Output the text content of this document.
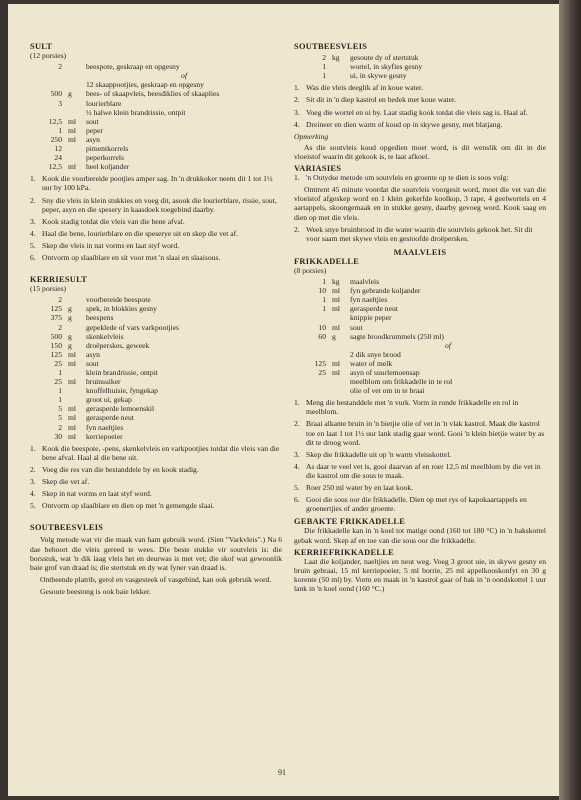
SULT
(12 porsies)
2	beespote, geskraap en opgesny
of
12 skaappootjies, geskraap en opgesny
500 g	bees- of skaapvleis, beesdiklies of skaaplies
3	lourierblare
½ halwe klein brandrissie, ontpit
12,5 ml	sout
1 ml	peper
250 ml	asyn
12	pimentkorrels
24	peperkorrels
12,5 ml	heel koljander
1. Kook die voorbereide pootjies amper sag. In 'n drukkoker neem dit 1 tot 1½ uur by 100 kPa.
2. Sny die vleis in klein stukkies en voeg dit, asook die lourierblare, rissie, sout, peper, asyn en die spesery in kaasdoek toegebind daarby.
3. Kook stadig totdat die vleis van die bene afval.
4. Haal die bene, lourierblare en die speserye uit en skep die vet af.
5. Skep die vleis in nat vorms en laat styf word.
6. Ontvorm op slaaiblare en sit voor met 'n slaai en slaaisous.
KERRIESULT
(15 porsies)
2	voorbereide beespote
125 g	spek, in blokkies gesny
375 g	beespens
2	gepeklede of vars varkpootjies
500 g	skenkelvleis
150 g	droëperskes, geweek
125 ml	asyn
25 ml	sout
1	klein brandrissie, ontpit
25 ml	bruinsuiker
1	knoffelhuisie, fyngekap
1	groot ui, gekap
5 ml	gerasperde lemoenskil
5 ml	gerasperde neut
2 ml	fyn naeltjies
30 ml	kerriepoeier
1. Kook die beespote, -pens, skenkelvleis en varkpootjies totdat die vleis van die bene afval. Haal al die bene uit.
2. Voeg die res van die bestanddele by en kook stadig.
3. Skep die vet af.
4. Skep in nat vorms en laat styf word.
5. Ontvorm op slaaiblare en dien op met 'n gemengde slaai.
SOUTBEESVLEIS
Volg metode wat vir die maak van ham gebruik word. (Sien "Varkvleis".) Na 6 dae behoort die vleis gereed te wees. Die beste stukke vir soutvleis is: die borsstuk, wat 'n dik laag vleis het en deurwas is met vet; die skof wat gewoonlik baie grof van draad is; die stertstuk en dy wat fyner van draad is.
Ontbeende platrib, gerol en vasgesteek of vasgebind, kan ook gebruik word.
Gesoute beestong is ook baie lekker.
SOUTBEESVLEIS
2 kg	gesoute dy of stertstuk
1	wortel, in skyfies gesny
1	ui, in skywe gesny
1. Was die vleis deeglik af in koue water.
2. Sit dit in 'n diep kastrol en bedek met koue water.
3. Voeg die wortel en ui by. Laat stadig kook totdat die vleis sag is. Haal af.
4. Dreineer en dien warm of koud op in skywe gesny, met blatjang.
Opmerking
As die soutvleis koud opgedien moet word, is dit wenslik om dit in die vloeistof waarin dit gekook is, te laat afkoel.
VARIASIES
1. 'n Outydse metode om soutvleis en groente op te dien is soos volg:
Omtrent 45 minute voordat die soutvleis voorgesit word, moet die vet van die vloeistof afgeskep word en 1 klein gekerfde koolkop, 3 rape, 4 geelwortels en 4 aartappels, skoongemaak en in stukke gesny, daarby gevoeg word. Kook saag en dien op met die vleis.
2. Week snye bruinbrood in die water waarin die soutvleis gekook het. Sit dit voor saam met skywe vleis en gestoofde droëperskes.
MAALVLEIS
FRIKKADELLE
(8 porsies)
1 kg	maalvleis
10 ml	fyn gebrande koljander
1 ml	fyn naeltjies
1 ml	gerasperde neut
knippie peper
10 ml	sout
60 g	sagte broodkrummels (250 ml)
of
2 dik snye brood
125 ml	water of melk
25 ml	asyn of suurlemoensap
meelblom om frikkadelle in te rol
olie of vet om in te braai
1. Meng die bestanddele met 'n vurk. Vorm in ronde frikkadelle en rol in meelblom.
2. Braai alkante bruin in 'n bietjie olie of vet in 'n vlak kastrol. Maak die kastrol toe en laat 1 tot 1½ uur lank stadig gaar word. Gooi 'n klein bietjie water by as dit te droog word.
3. Skep die frikkadelle uit op 'n warm vleisskottel.
4. As daar te veel vet is, gooi daarvan af en roer 12,5 ml meelblom by die vet in die kastrol om die sous te maak.
5. Roer 250 ml water by en laat kook.
6. Gooi die sous oor die frikkadelle. Dien op met rys of kapokaartappels en groenertjies of ander groente.
GEBAKTE FRIKKADELLE
Die frikkadelle kan in 'n koel tot matige oond (160 tot 180 °C) in 'n bakskottel gebak word. Skep af en toe van die sous oor die frikkadelle.
KERRIEFRIKKADELLE
Laat die koljander, naeltjies en neut weg. Voeg 3 groot uie, in skywe gesny en bruin gebraai, 15 ml kerriepoeier, 5 ml borrie, 25 ml appelkooskonfyt en 30 g korente (50 ml) by. Vorm en maak in 'n kastrol gaar of bak in 'n oondskottel 1 uur lank in 'n koel oond (160 °C.)
91
